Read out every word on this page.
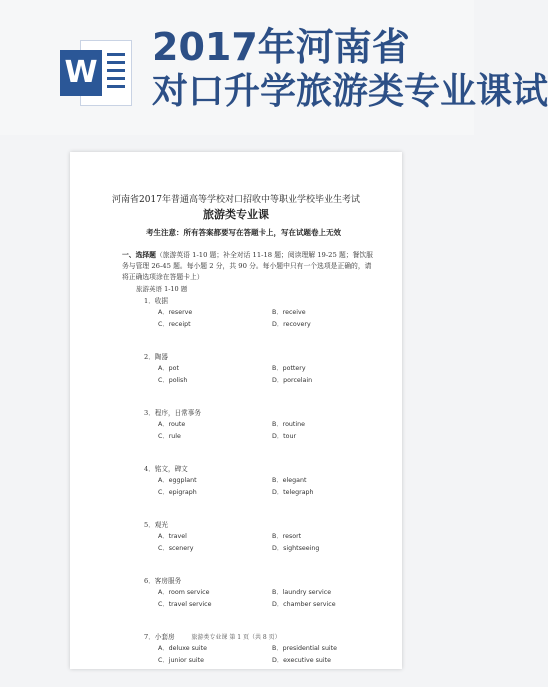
W
2017年河南省
对口升学旅游类专业课试
河南省2017年普通高等学校对口招收中等职业学校毕业生考试
旅游类专业课
考生注意：所有答案都要写在答题卡上，写在试题卷上无效
一、选择题（旅游英语 1-10 题；补全对话 11-18 题；阅读理解 19-25 题；餐饮服务与管理 26-45 题。每小题 2 分，共 90 分。每小题中只有一个选项是正确的，请将正确选项涂在答题卡上）
旅游英语 1-10 题
1．收据
A．reserve	B．receive
C．receipt	D．recovery
2．陶器
A．pot	B．pottery
C．polish	D．porcelain
3．程序，日常事务
A．route	B．routine
C．rule	D．tour
4．铭文，碑文
A．eggplant	B．elegant
C．epigraph	D．telegraph
5．观光
A．travel	B．resort
C．scenery	D．sightseeing
6．客房服务
A．room service	B．laundry service
C．travel service	D．chamber service
7．小套房
A．deluxe suite	B．presidential suite
C．junior suite	D．executive suite
旅游类专业课 第 1 页（共 8 页）
